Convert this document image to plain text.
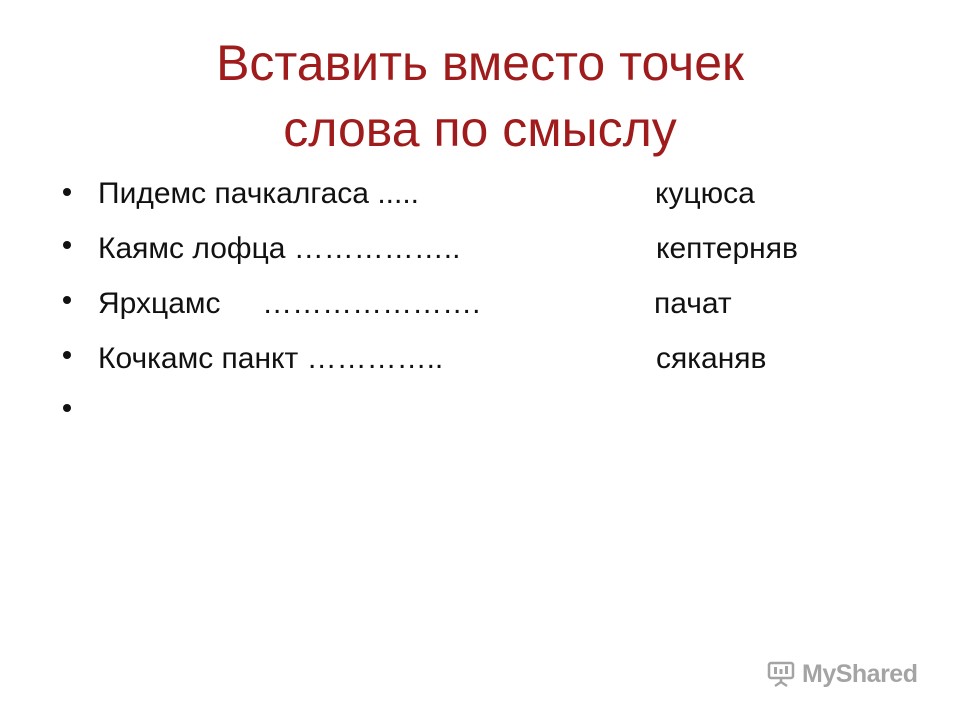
Вставить вместо точек
слова по смыслу
Пидемс пачкалгаса .....	куцюса
Каямс лофца ……………..	кептерняв
Ярхцамс     ………………….	пачат
Кочкамс панкт …………..	сяканяв
MyShared
